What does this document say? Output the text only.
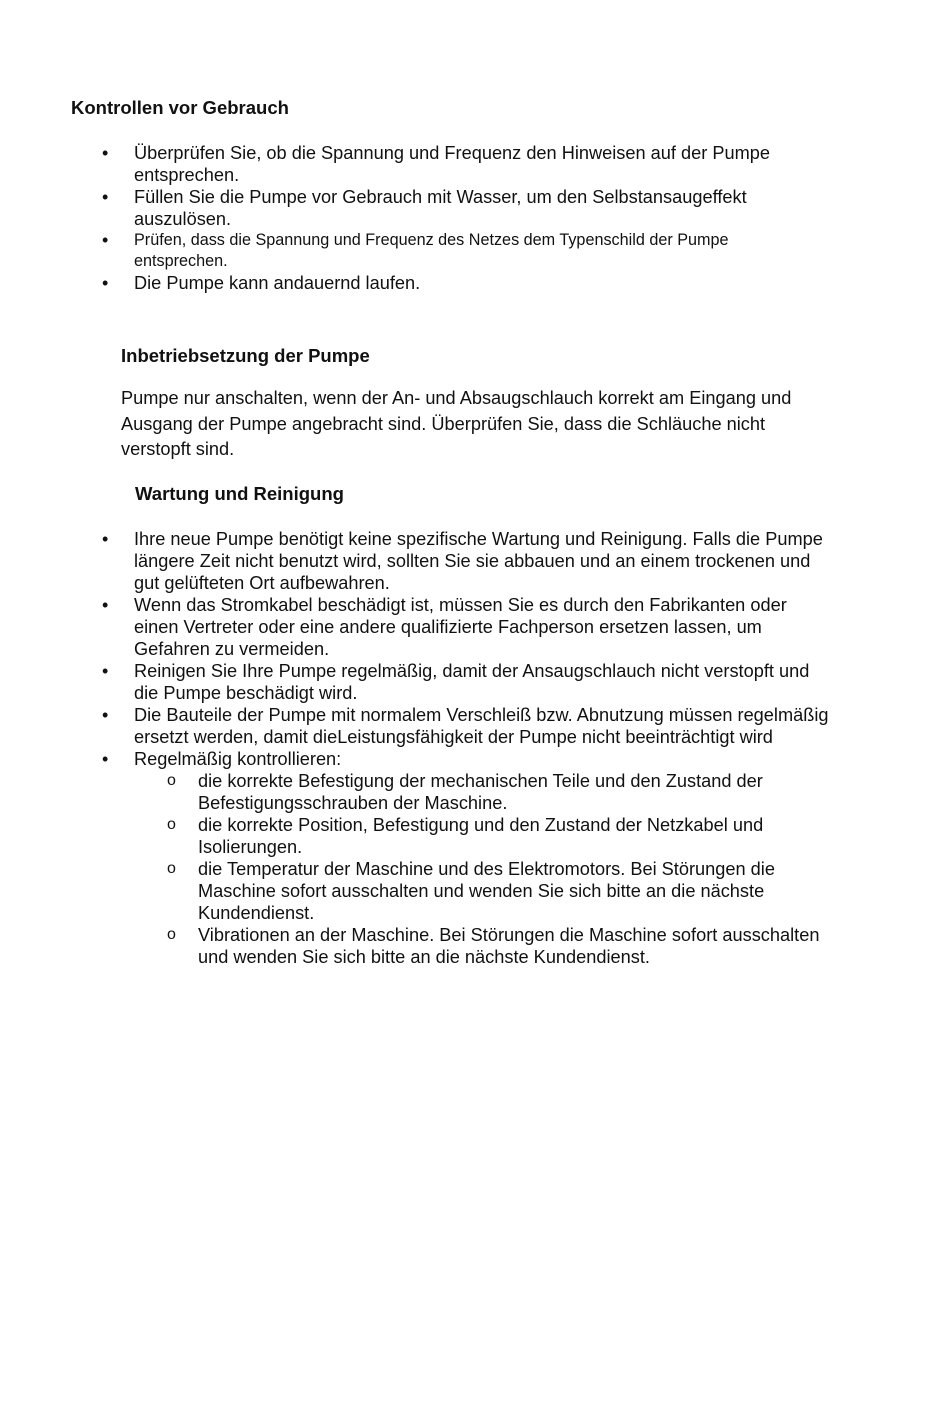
Kontrollen vor Gebrauch
• Überprüfen Sie, ob die Spannung und Frequenz den Hinweisen auf der Pumpe entsprechen.
• Füllen Sie die Pumpe vor Gebrauch mit Wasser, um den Selbstansaugeffekt auszulösen.
• Prüfen, dass die Spannung und Frequenz des Netzes dem Typenschild der Pumpe entsprechen.
• Die Pumpe kann andauernd laufen.
Inbetriebsetzung der Pumpe

Pumpe nur anschalten, wenn der An- und Absaugschlauch korrekt am Eingang und Ausgang der Pumpe angebracht sind. Überprüfen Sie, dass die Schläuche nicht verstopft sind.

Wartung und Reinigung
• Ihre neue Pumpe benötigt keine spezifische Wartung und Reinigung. Falls die Pumpe längere Zeit nicht benutzt wird, sollten Sie sie abbauen und an einem trockenen und gut gelüfteten Ort aufbewahren.
• Wenn das Stromkabel beschädigt ist, müssen Sie es durch den Fabrikanten oder einen Vertreter oder eine andere qualifizierte Fachperson ersetzen lassen, um Gefahren zu vermeiden.
• Reinigen Sie Ihre Pumpe regelmäßig, damit der Ansaugschlauch nicht verstopft und die Pumpe beschädigt wird.
• Die Bauteile der Pumpe mit normalem Verschleiß bzw. Abnutzung müssen regelmäßig ersetzt werden, damit dieLeistungsfähigkeit der Pumpe nicht beeinträchtigt wird
• Regelmäßig kontrollieren:
o die korrekte Befestigung der mechanischen Teile und den Zustand der Befestigungsschrauben der Maschine.
o die korrekte Position, Befestigung und den Zustand der Netzkabel und Isolierungen.
o die Temperatur der Maschine und des Elektromotors. Bei Störungen die Maschine sofort ausschalten und wenden Sie sich bitte an die nächste Kundendienst.
o Vibrationen an der Maschine. Bei Störungen die Maschine sofort ausschalten und wenden Sie sich bitte an die nächste Kundendienst.
